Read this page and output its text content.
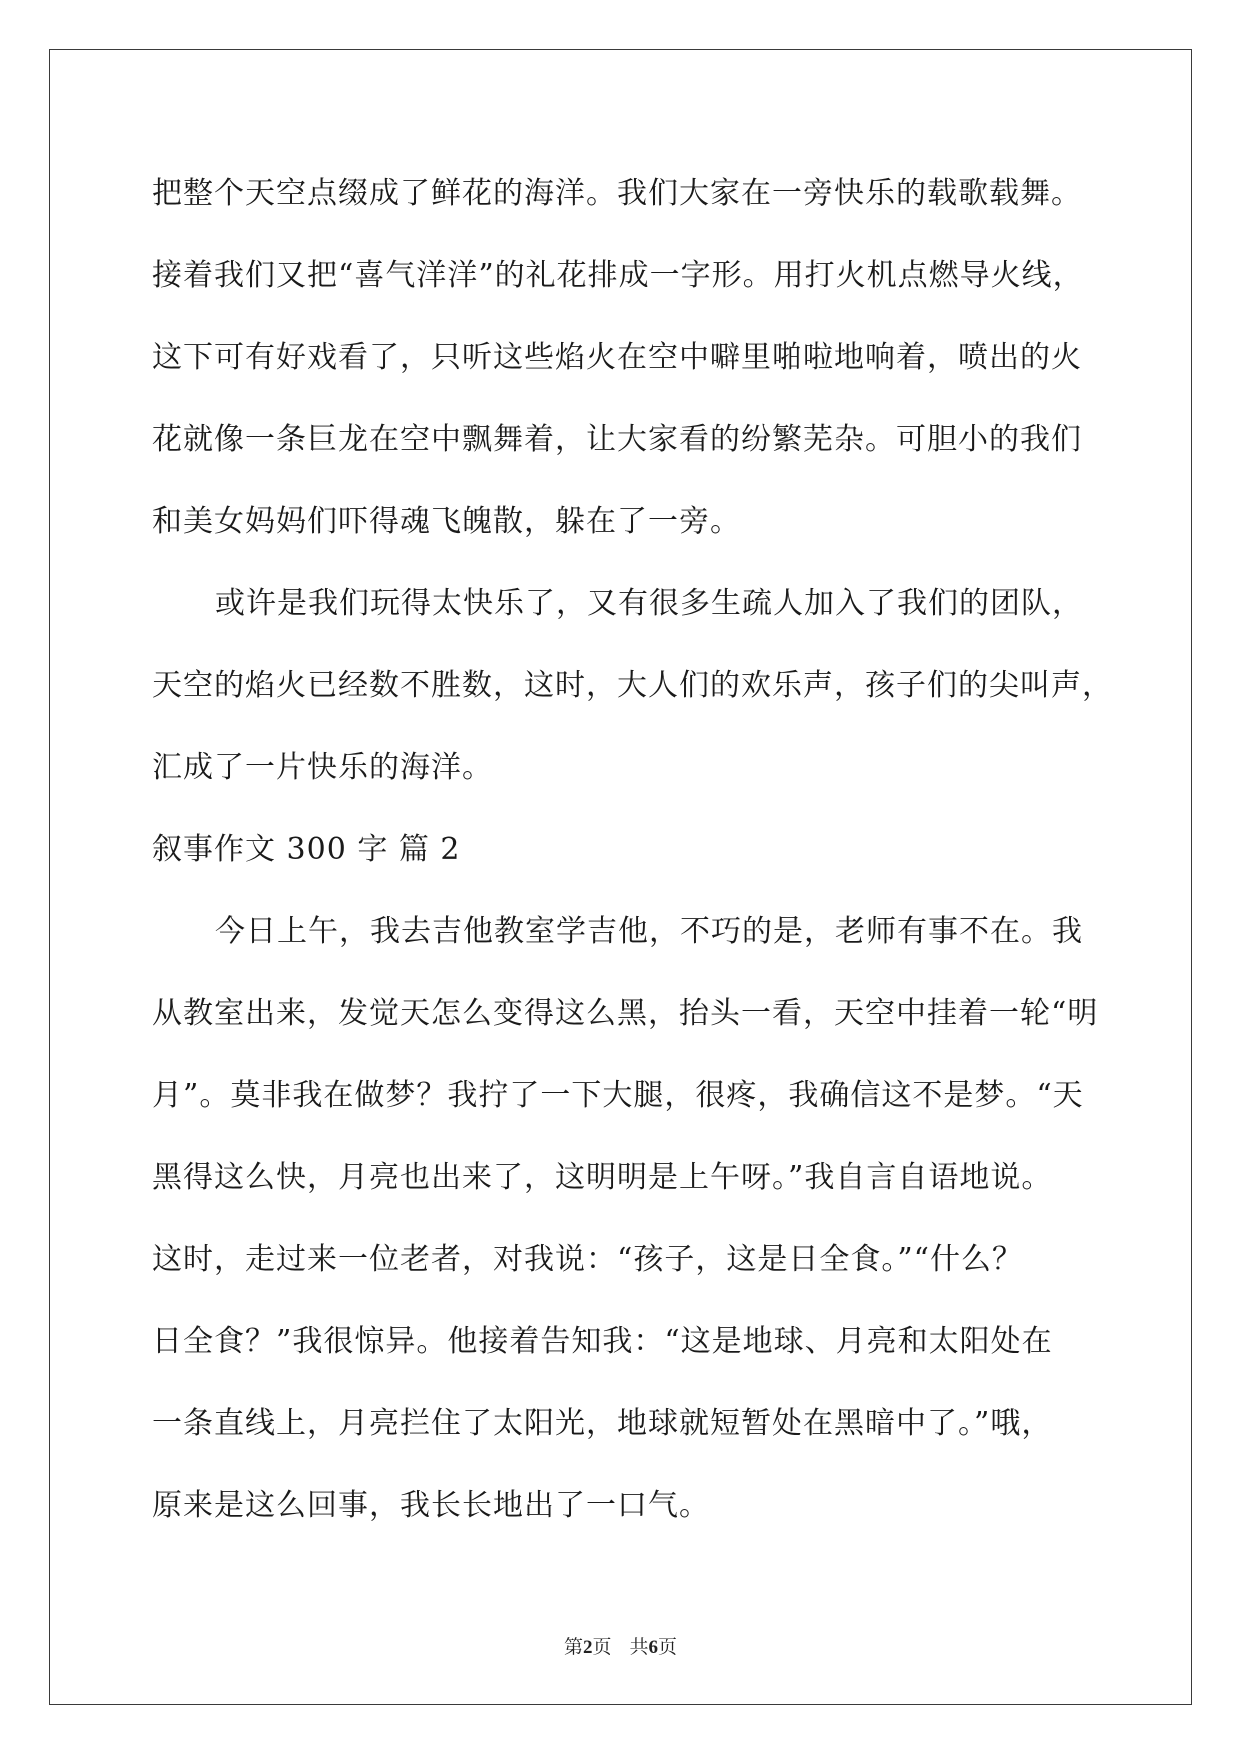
把整个天空点缀成了鲜花的海洋。我们大家在一旁快乐的载歌载舞。
接着我们又把“喜气洋洋”的礼花排成一字形。用打火机点燃导火线，
这下可有好戏看了，只听这些焰火在空中噼里啪啦地响着，喷出的火
花就像一条巨龙在空中飘舞着，让大家看的纷繁芜杂。可胆小的我们
和美女妈妈们吓得魂飞魄散，躲在了一旁。
或许是我们玩得太快乐了，又有很多生疏人加入了我们的团队，
天空的焰火已经数不胜数，这时，大人们的欢乐声，孩子们的尖叫声，
汇成了一片快乐的海洋。
叙事作文 300 字 篇 2
今日上午，我去吉他教室学吉他，不巧的是，老师有事不在。我
从教室出来，发觉天怎么变得这么黑，抬头一看，天空中挂着一轮“明
月”。莫非我在做梦？我拧了一下大腿，很疼，我确信这不是梦。“天
黑得这么快，月亮也出来了，这明明是上午呀。”我自言自语地说。
这时，走过来一位老者，对我说：“孩子，这是日全食。”“什么？
日全食？”我很惊异。他接着告知我：“这是地球、月亮和太阳处在
一条直线上，月亮拦住了太阳光，地球就短暂处在黑暗中了。”哦，
原来是这么回事，我长长地出了一口气。
第2页 共6页
